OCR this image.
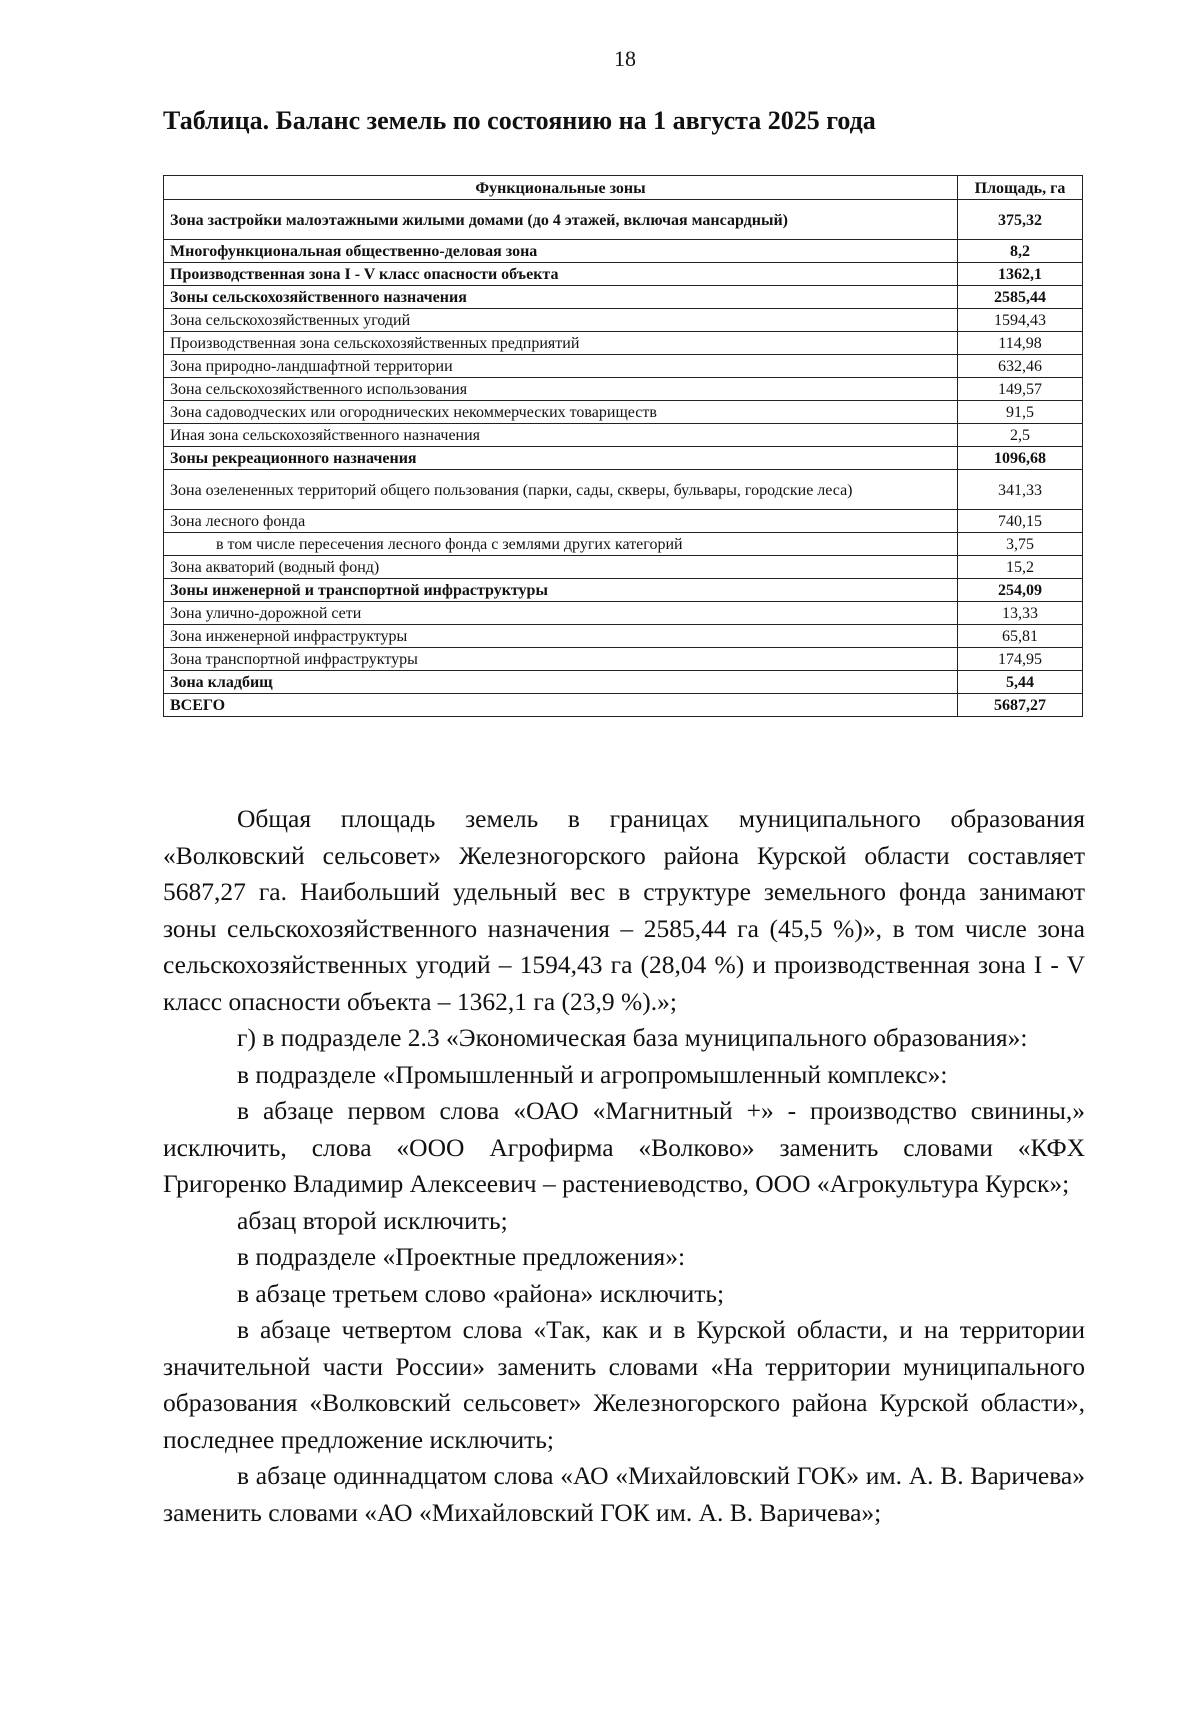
18
Таблица. Баланс земель по состоянию на 1 августа 2025 года
Функциональные зоны	Площадь, га
Зона застройки малоэтажными жилыми домами (до 4 этажей, включая мансардный)	375,32
Многофункциональная общественно-деловая зона	8,2
Производственная зона I - V класс опасности объекта	1362,1
Зоны сельскохозяйственного назначения	2585,44
Зона сельскохозяйственных угодий	1594,43
Производственная зона сельскохозяйственных предприятий	114,98
Зона природно-ландшафтной территории	632,46
Зона сельскохозяйственного использования	149,57
Зона садоводческих или огороднических некоммерческих товариществ	91,5
Иная зона сельскохозяйственного назначения	2,5
Зоны рекреационного назначения	1096,68
Зона озелененных территорий общего пользования (парки, сады, скверы, бульвары, городские леса)	341,33
Зона лесного фонда	740,15
в том числе пересечения лесного фонда с землями других категорий	3,75
Зона акваторий (водный фонд)	15,2
Зоны инженерной и транспортной инфраструктуры	254,09
Зона улично-дорожной сети	13,33
Зона инженерной инфраструктуры	65,81
Зона транспортной инфраструктуры	174,95
Зона кладбищ	5,44
ВСЕГО	5687,27

Общая площадь земель в границах муниципального образования «Волковский сельсовет» Железногорского района Курской области составляет 5687,27 га. Наибольший удельный вес в структуре земельного фонда занимают зоны сельскохозяйственного назначения – 2585,44 га (45,5 %)», в том числе зона сельскохозяйственных угодий – 1594,43 га (28,04 %) и производственная зона I - V класс опасности объекта – 1362,1 га (23,9 %).»;

г) в подразделе 2.3 «Экономическая база муниципального образования»:

в подразделе «Промышленный и агропромышленный комплекс»:

в абзаце первом слова «ОАО «Магнитный +» - производство свинины,» исключить, слова «ООО Агрофирма «Волково» заменить словами «КФХ Григоренко Владимир Алексеевич – растениеводство, ООО «Агрокультура Курск»;

абзац второй исключить;

в подразделе «Проектные предложения»:

в абзаце третьем слово «района» исключить;

в абзаце четвертом слова «Так, как и в Курской области, и на территории значительной части России» заменить словами «На территории муниципального образования «Волковский сельсовет» Железногорского района Курской области», последнее предложение исключить;

в абзаце одиннадцатом слова «АО «Михайловский ГОК» им. А. В. Варичева» заменить словами «АО «Михайловский ГОК им. А. В. Варичева»;
